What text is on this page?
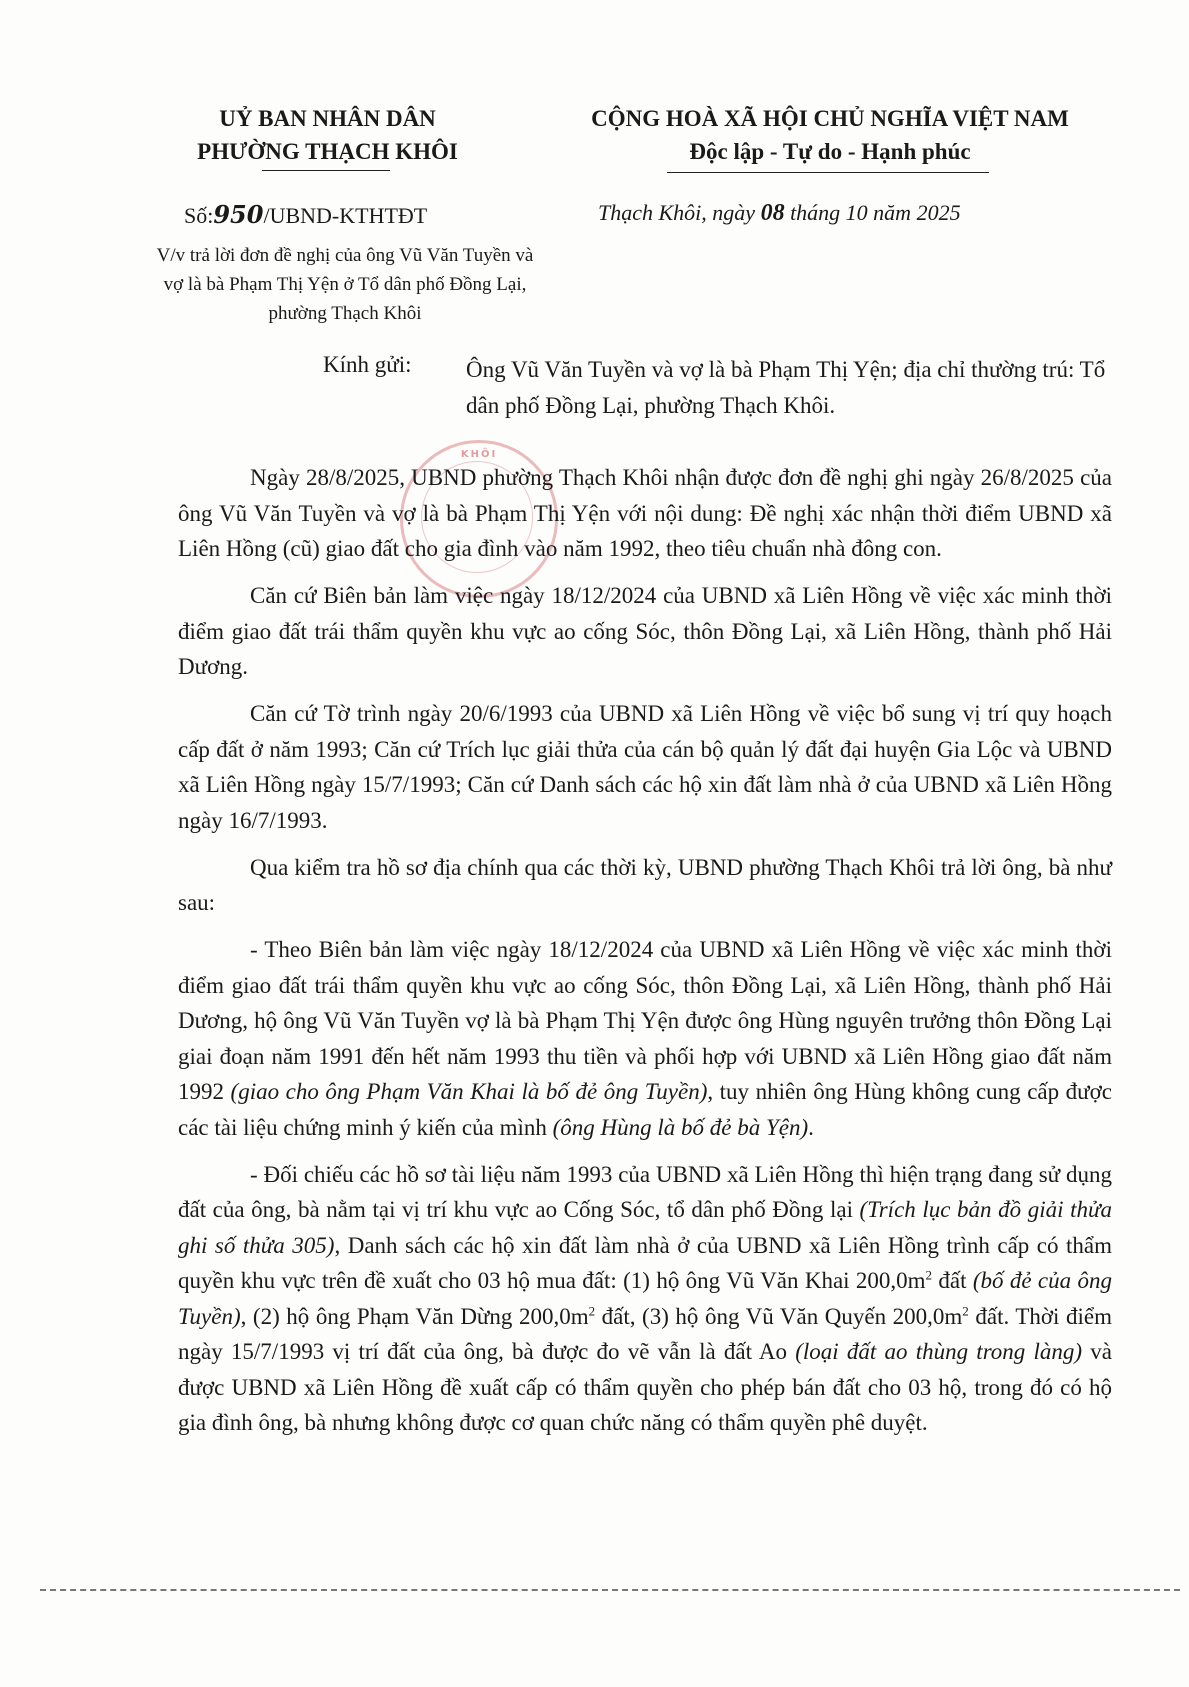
UỶ BAN NHÂN DÂN
PHƯỜNG THẠCH KHÔI
CỘNG HOÀ XÃ HỘI CHỦ NGHĨA VIỆT NAM
Độc lập - Tự do - Hạnh phúc
Số:950/UBND-KTHTĐT	Thạch Khôi, ngày 08 tháng 10 năm 2025
V/v trả lời đơn đề nghị của ông Vũ Văn Tuyền và vợ là bà Phạm Thị Yện ở Tổ dân phố Đồng Lại, phường Thạch Khôi
Kính gửi: Ông Vũ Văn Tuyền và vợ là bà Phạm Thị Yện; địa chỉ thường trú: Tổ dân phố Đồng Lại, phường Thạch Khôi.
KHÔI

Ngày 28/8/2025, UBND phường Thạch Khôi nhận được đơn đề nghị ghi ngày 26/8/2025 của ông Vũ Văn Tuyền và vợ là bà Phạm Thị Yện với nội dung: Đề nghị xác nhận thời điểm UBND xã Liên Hồng (cũ) giao đất cho gia đình vào năm 1992, theo tiêu chuẩn nhà đông con.

Căn cứ Biên bản làm việc ngày 18/12/2024 của UBND xã Liên Hồng về việc xác minh thời điểm giao đất trái thẩm quyền khu vực ao cống Sóc, thôn Đồng Lại, xã Liên Hồng, thành phố Hải Dương.

Căn cứ Tờ trình ngày 20/6/1993 của UBND xã Liên Hồng về việc bổ sung vị trí quy hoạch cấp đất ở năm 1993; Căn cứ Trích lục giải thửa của cán bộ quản lý đất đại huyện Gia Lộc và UBND xã Liên Hồng ngày 15/7/1993; Căn cứ Danh sách các hộ xin đất làm nhà ở của UBND xã Liên Hồng ngày 16/7/1993.

Qua kiểm tra hồ sơ địa chính qua các thời kỳ, UBND phường Thạch Khôi trả lời ông, bà như sau:

- Theo Biên bản làm việc ngày 18/12/2024 của UBND xã Liên Hồng về việc xác minh thời điểm giao đất trái thẩm quyền khu vực ao cống Sóc, thôn Đồng Lại, xã Liên Hồng, thành phố Hải Dương, hộ ông Vũ Văn Tuyền vợ là bà Phạm Thị Yện được ông Hùng nguyên trưởng thôn Đồng Lại giai đoạn năm 1991 đến hết năm 1993 thu tiền và phối hợp với UBND xã Liên Hồng giao đất năm 1992 (giao cho ông Phạm Văn Khai là bố đẻ ông Tuyền), tuy nhiên ông Hùng không cung cấp được các tài liệu chứng minh ý kiến của mình (ông Hùng là bố đẻ bà Yện).

- Đối chiếu các hồ sơ tài liệu năm 1993 của UBND xã Liên Hồng thì hiện trạng đang sử dụng đất của ông, bà nằm tại vị trí khu vực ao Cống Sóc, tổ dân phố Đồng lại (Trích lục bản đồ giải thửa ghi số thửa 305), Danh sách các hộ xin đất làm nhà ở của UBND xã Liên Hồng trình cấp có thẩm quyền khu vực trên đề xuất cho 03 hộ mua đất: (1) hộ ông Vũ Văn Khai $200,0m^2$ đất (bố đẻ của ông Tuyền), (2) hộ ông Phạm Văn Dừng $200,0m^2$ đất, (3) hộ ông Vũ Văn Quyến $200,0m^2$ đất. Thời điểm ngày 15/7/1993 vị trí đất của ông, bà được đo vẽ vẫn là đất Ao (loại đất ao thùng trong làng) và được UBND xã Liên Hồng đề xuất cấp có thẩm quyền cho phép bán đất cho 03 hộ, trong đó có hộ gia đình ông, bà nhưng không được cơ quan chức năng có thẩm quyền phê duyệt.
